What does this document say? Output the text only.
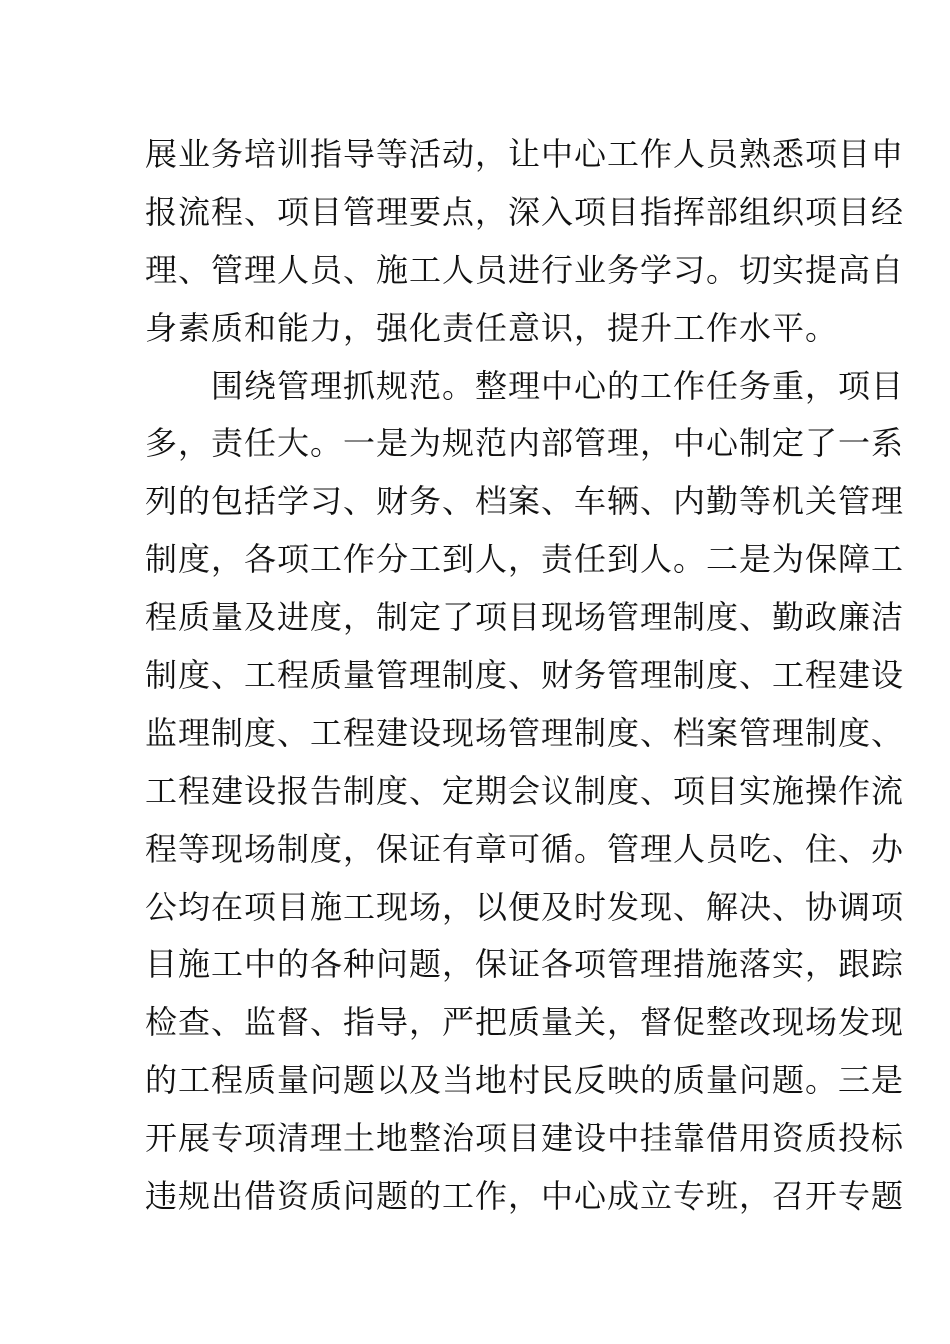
展业务培训指导等活动，让中心工作人员熟悉项目申
报流程、项目管理要点，深入项目指挥部组织项目经
理、管理人员、施工人员进行业务学习。切实提高自
身素质和能力，强化责任意识，提升工作水平。
　　围绕管理抓规范。整理中心的工作任务重，项目
多，责任大。一是为规范内部管理，中心制定了一系
列的包括学习、财务、档案、车辆、内勤等机关管理
制度，各项工作分工到人，责任到人。二是为保障工
程质量及进度，制定了项目现场管理制度、勤政廉洁
制度、工程质量管理制度、财务管理制度、工程建设
监理制度、工程建设现场管理制度、档案管理制度、
工程建设报告制度、定期会议制度、项目实施操作流
程等现场制度，保证有章可循。管理人员吃、住、办
公均在项目施工现场，以便及时发现、解决、协调项
目施工中的各种问题，保证各项管理措施落实，跟踪
检查、监督、指导，严把质量关，督促整改现场发现
的工程质量问题以及当地村民反映的质量问题。三是
开展专项清理土地整治项目建设中挂靠借用资质投标
违规出借资质问题的工作，中心成立专班，召开专题
